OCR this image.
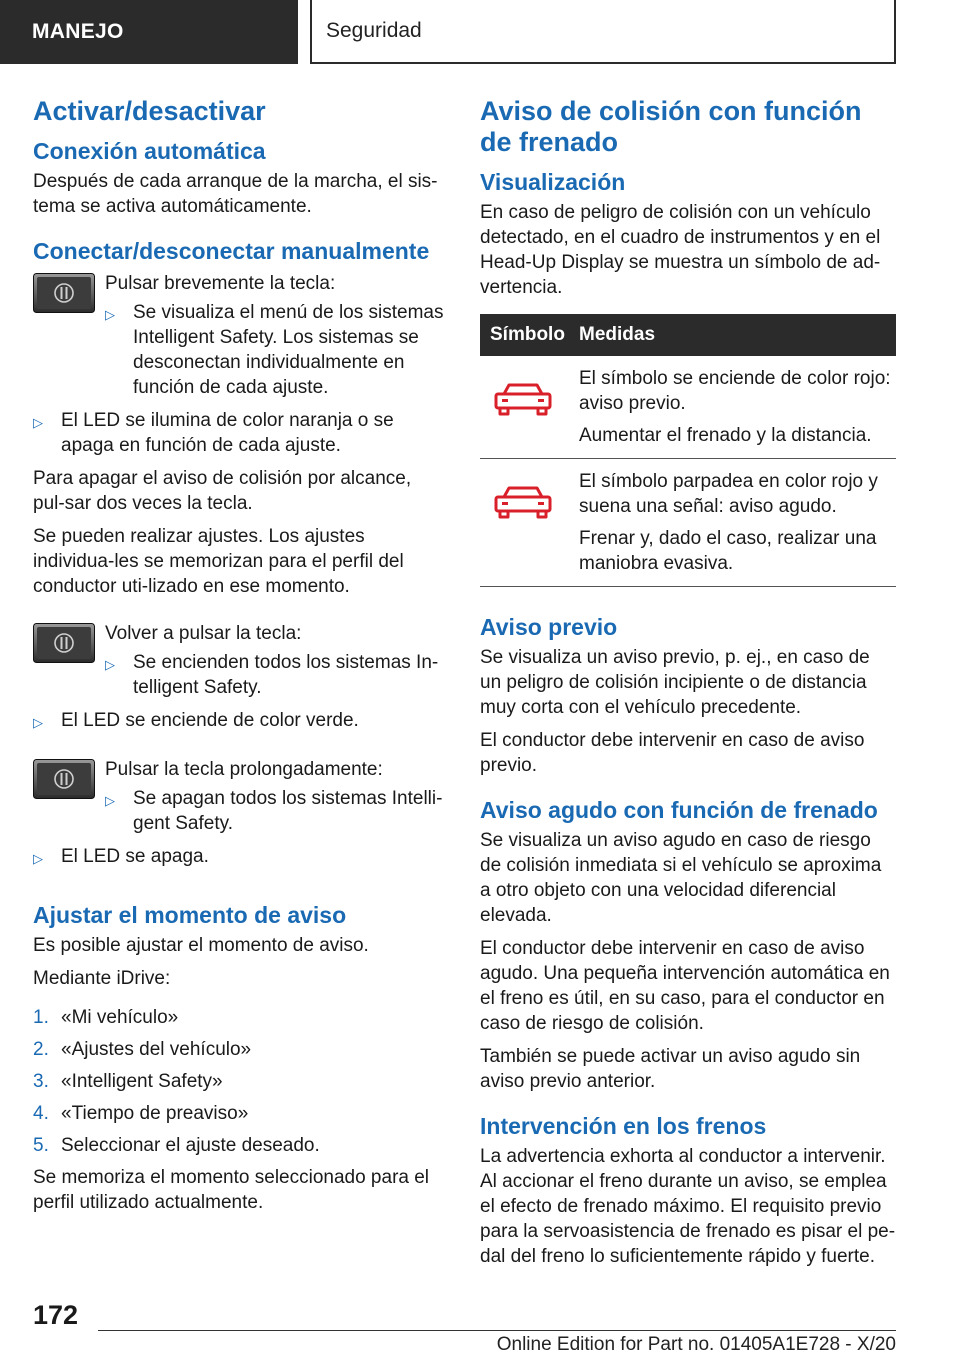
MANEJO	Seguridad
Activar/desactivar
Conexión automática

Después de cada arranque de la marcha, el sis-tema se activa automáticamente.

Conectar/desconectar manualmente

Pulsar brevemente la tecla:

▷ Se visualiza el menú de los sistemas Intelligent Safety. Los sistemas se desconectan individualmente en función de cada ajuste.
▷ El LED se ilumina de color naranja o se apaga en función de cada ajuste.

Para apagar el aviso de colisión por alcance, pul-sar dos veces la tecla.

Se pueden realizar ajustes. Los ajustes individua-les se memorizan para el perfil del conductor uti-lizado en ese momento.

Volver a pulsar la tecla:

▷ Se encienden todos los sistemas In-telligent Safety.
▷ El LED se enciende de color verde.

Pulsar la tecla prolongadamente:

▷ Se apagan todos los sistemas Intelli-gent Safety.
▷ El LED se apaga.
Ajustar el momento de aviso

Es posible ajustar el momento de aviso.

Mediante iDrive:

1. «Mi vehículo»
2. «Ajustes del vehículo»
3. «Intelligent Safety»
4. «Tiempo de preaviso»
5. Seleccionar el ajuste deseado.

Se memoriza el momento seleccionado para el perfil utilizado actualmente.

Aviso de colisión con función de frenado
Visualización

En caso de peligro de colisión con un vehículo detectado, en el cuadro de instrumentos y en el Head-Up Display se muestra un símbolo de ad-vertencia.

Símbolo	Medidas

El símbolo se enciende de color rojo: aviso previo.

Aumentar el frenado y la distancia.

El símbolo parpadea en color rojo y suena una señal: aviso agudo.

Frenar y, dado el caso, realizar una maniobra evasiva.

Aviso previo

Se visualiza un aviso previo, p. ej., en caso de un peligro de colisión incipiente o de distancia muy corta con el vehículo precedente.

El conductor debe intervenir en caso de aviso previo.

Aviso agudo con función de frenado

Se visualiza un aviso agudo en caso de riesgo de colisión inmediata si el vehículo se aproxima a otro objeto con una velocidad diferencial elevada.

El conductor debe intervenir en caso de aviso agudo. Una pequeña intervención automática en el freno es útil, en su caso, para el conductor en caso de riesgo de colisión.

También se puede activar un aviso agudo sin aviso previo anterior.

Intervención en los frenos

La advertencia exhorta al conductor a intervenir. Al accionar el freno durante un aviso, se emplea el efecto de frenado máximo. El requisito previo para la servoasistencia de frenado es pisar el pe-dal del freno lo suficientemente rápido y fuerte.

172
Online Edition for Part no. 01405A1E728 - X/20
